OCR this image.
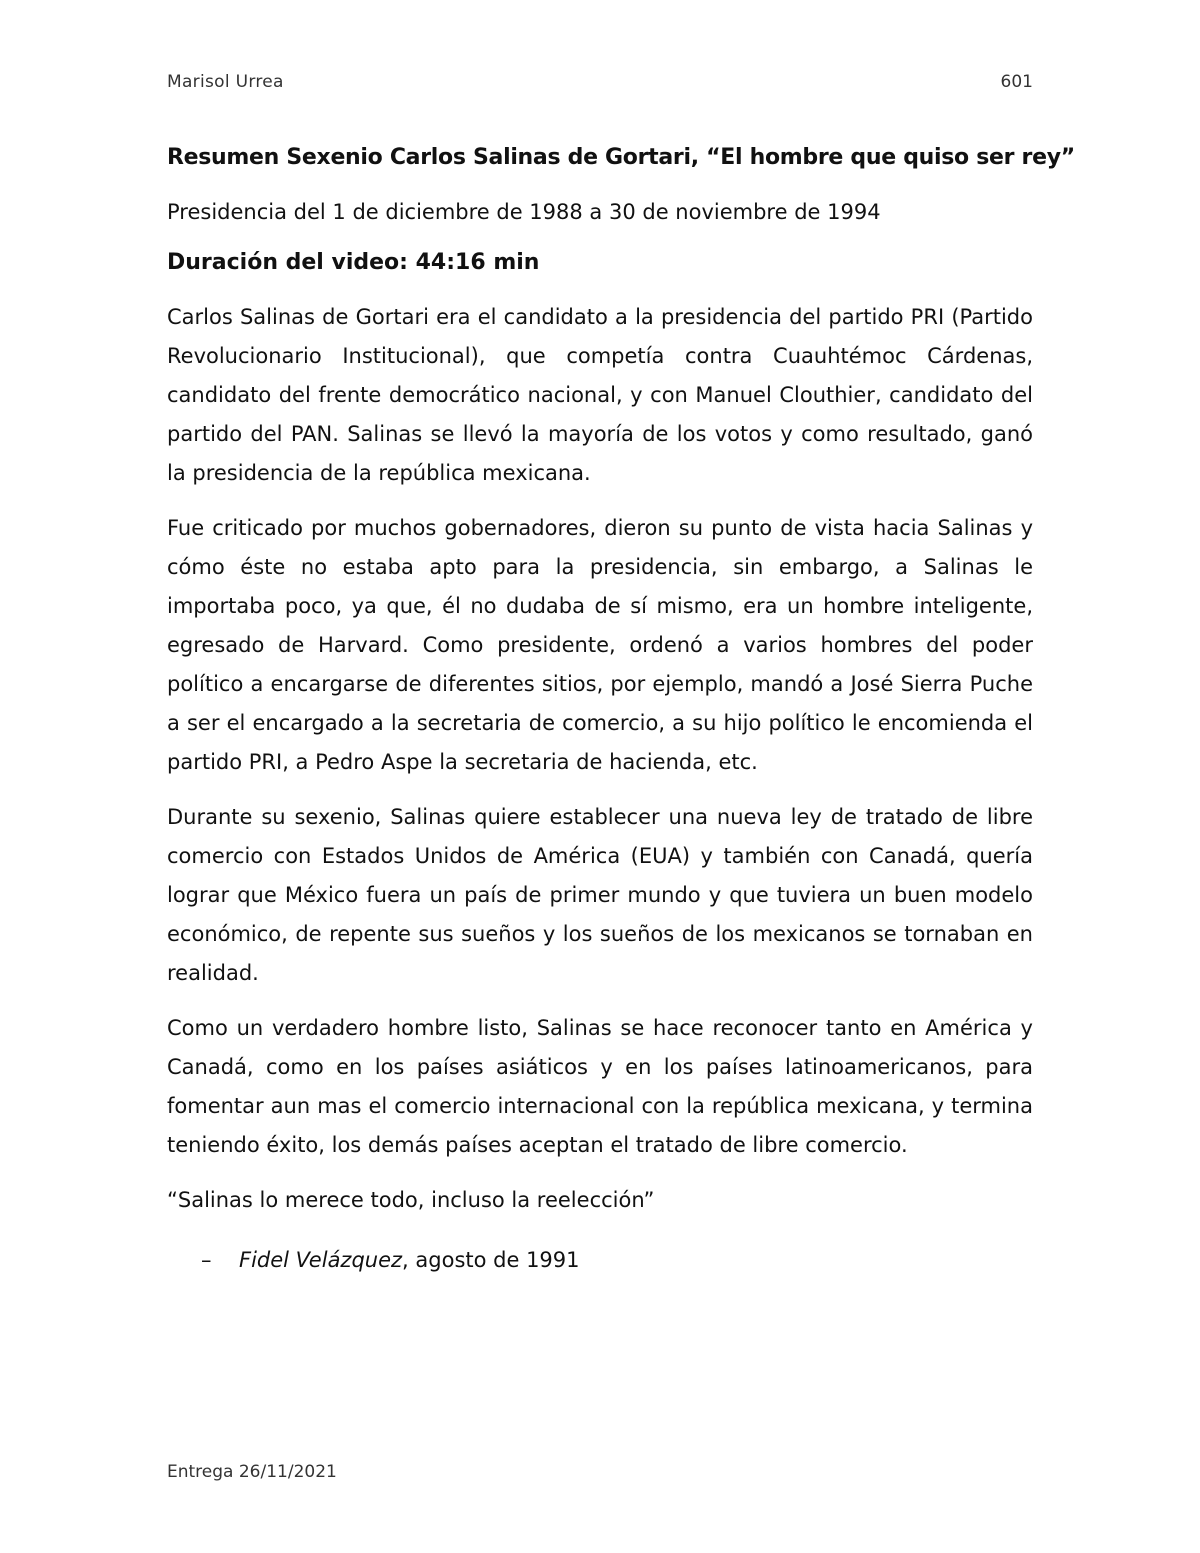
Marisol Urrea	601

Resumen Sexenio Carlos Salinas de Gortari, “El hombre que quiso ser rey”

Presidencia del 1 de diciembre de 1988 a 30 de noviembre de 1994

Duración del video: 44:16 min

Carlos Salinas de Gortari era el candidato a la presidencia del partido PRI (Partido Revolucionario Institucional), que competía contra Cuauhtémoc Cárdenas, candidato del frente democrático nacional, y con Manuel Clouthier, candidato del partido del PAN. Salinas se llevó la mayoría de los votos y como resultado, ganó la presidencia de la república mexicana.

Fue criticado por muchos gobernadores, dieron su punto de vista hacia Salinas y cómo éste no estaba apto para la presidencia, sin embargo, a Salinas le importaba poco, ya que, él no dudaba de sí mismo, era un hombre inteligente, egresado de Harvard. Como presidente, ordenó a varios hombres del poder político a encargarse de diferentes sitios, por ejemplo, mandó a José Sierra Puche a ser el encargado a la secretaria de comercio, a su hijo político le encomienda el partido PRI, a Pedro Aspe la secretaria de hacienda, etc.

Durante su sexenio, Salinas quiere establecer una nueva ley de tratado de libre comercio con Estados Unidos de América (EUA) y también con Canadá, quería lograr que México fuera un país de primer mundo y que tuviera un buen modelo económico, de repente sus sueños y los sueños de los mexicanos se tornaban en realidad.

Como un verdadero hombre listo, Salinas se hace reconocer tanto en América y Canadá, como en los países asiáticos y en los países latinoamericanos, para fomentar aun mas el comercio internacional con la república mexicana, y termina teniendo éxito, los demás países aceptan el tratado de libre comercio.

“Salinas lo merece todo, incluso la reelección”

– Fidel Velázquez, agosto de 1991

Entrega 26/11/2021
